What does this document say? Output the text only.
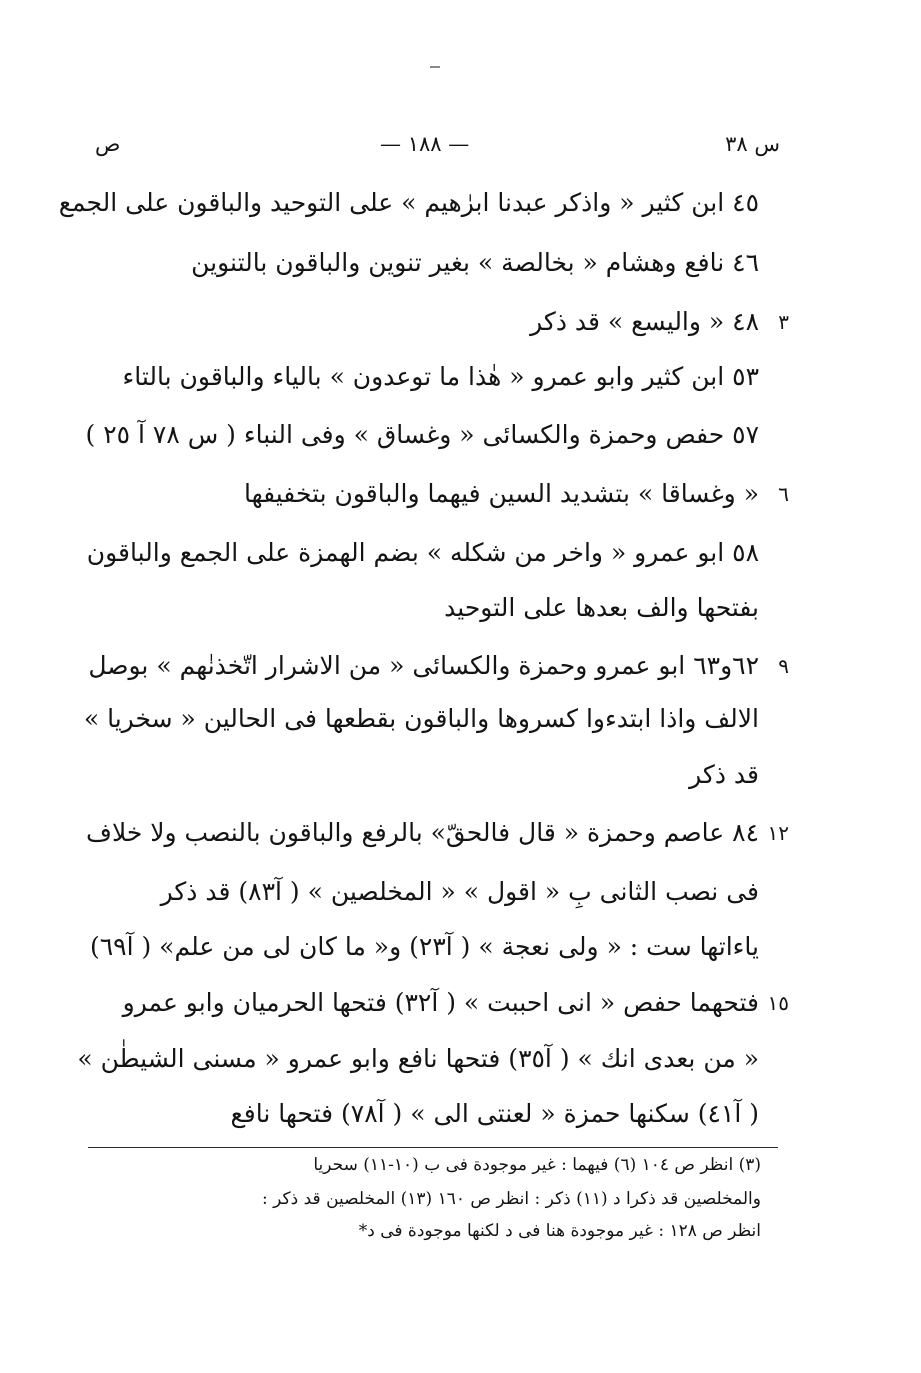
س ٣٨
— ١٨٨ —
ص
٤٥ ابن كثير « واذكر عبدنا ابرٰهيم » على التوحيد والباقون على الجمع
٤٦ نافع وهشام « بخالصة » بغير تنوين والباقون بالتنوين
٤٨ « واليسع » قد ذكر
٥٣ ابن كثير وابو عمرو « هٰذا ما توعدون » بالياء والباقون بالتاء
٥٧ حفص وحمزة والكسائى « وغساق » وفى النباء ( س ٧٨ آ ٢٥ )
« وغساقا » بتشديد السين فيهما والباقون بتخفيفها
٥٨ ابو عمرو « واخر من شكله » بضم الهمزة على الجمع والباقون
بفتحها والف بعدها على التوحيد
٦٢و٦٣ ابو عمرو وحمزة والكسائى « من الاشرار اتّخذنٰهم » بوصل
الالف واذا ابتدءوا كسروها والباقون بقطعها فى الحالين « سخريا »
قد ذكر
٨٤ عاصم وحمزة « قال فالحقّ» بالرفع والباقون بالنصب ولا خلاف
فى نصب الثانى بِ « اقول » « المخلصين » ( آ٨٣) قد ذكر
ياءاتها ست : « ولى نعجة » ( آ٢٣) و« ما كان لى من علم» ( آ٦٩)
فتحهما حفص « انى احببت » ( آ٣٢) فتحها الحرميان وابو عمرو
« من بعدى انك » ( آ٣٥) فتحها نافع وابو عمرو « مسنى الشيطٰن »
( آ٤١) سكنها حمزة « لعنتى الى » ( آ٧٨) فتحها نافع
٣
٦
٩
١٢
١٥
(٣) انظر ص ١٠٤ (٦) فيهما : غير موجودة فى ب (١٠-١١) سحريا
والمخلصين قد ذكرا د (١١) ذكر : انظر ص ١٦٠ (١٣) المخلصين قد ذكر :
انظر ص ١٢٨ : غير موجودة هنا فى د لكنها موجودة فى د*
